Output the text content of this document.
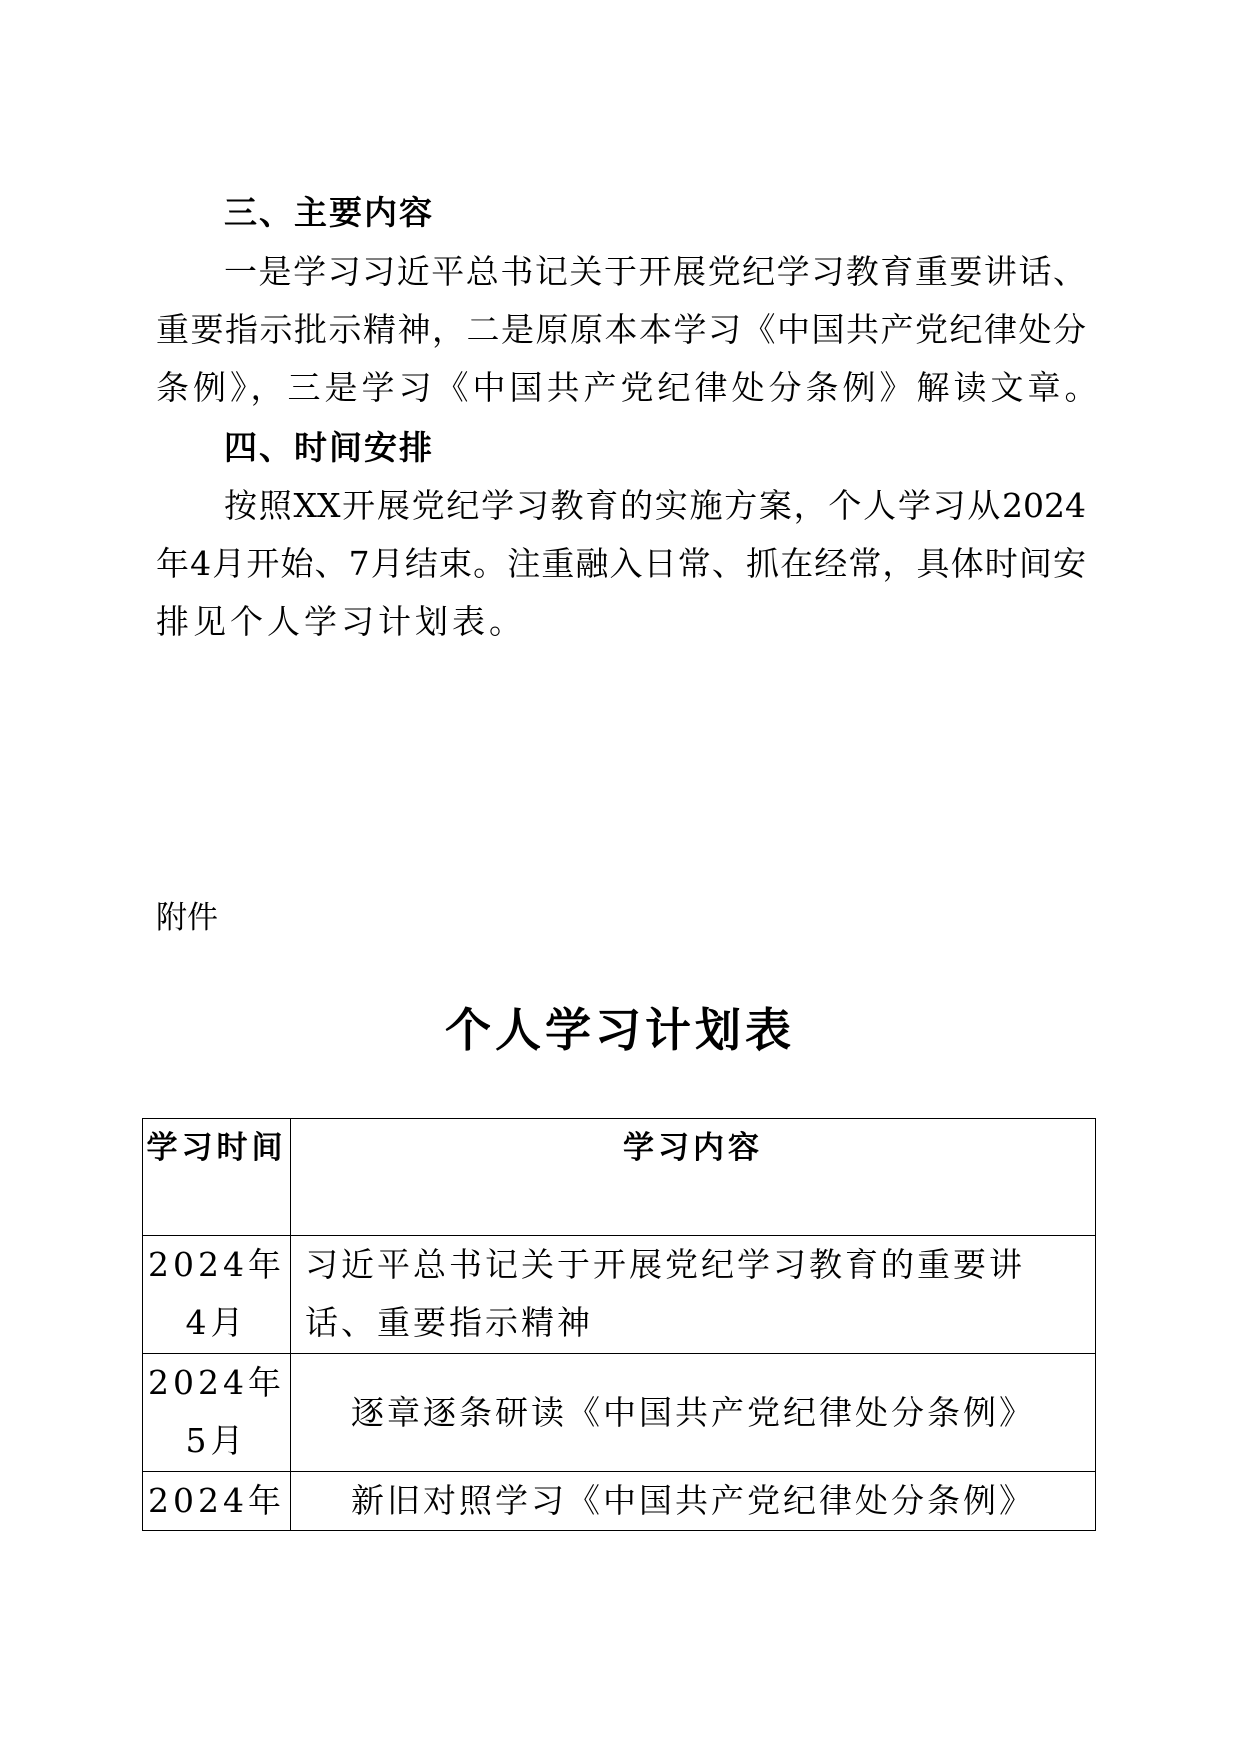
三、主要内容
一是学习习近平总书记关于开展党纪学习教育重要讲话、
重要指示批示精神，二是原原本本学习《中国共产党纪律处分
条例》，三是学习《中国共产党纪律处分条例》解读文章。
四、时间安排
按照XX开展党纪学习教育的实施方案，个人学习从2024
年4月开始、7月结束。注重融入日常、抓在经常，具体时间安
排见个人学习计划表。
附件
个人学习计划表
学习时间	学习内容
2024年4月	习近平总书记关于开展党纪学习教育的重要讲话、重要指示精神
2024年5月	逐章逐条研读《中国共产党纪律处分条例》
2024年	新旧对照学习《中国共产党纪律处分条例》
